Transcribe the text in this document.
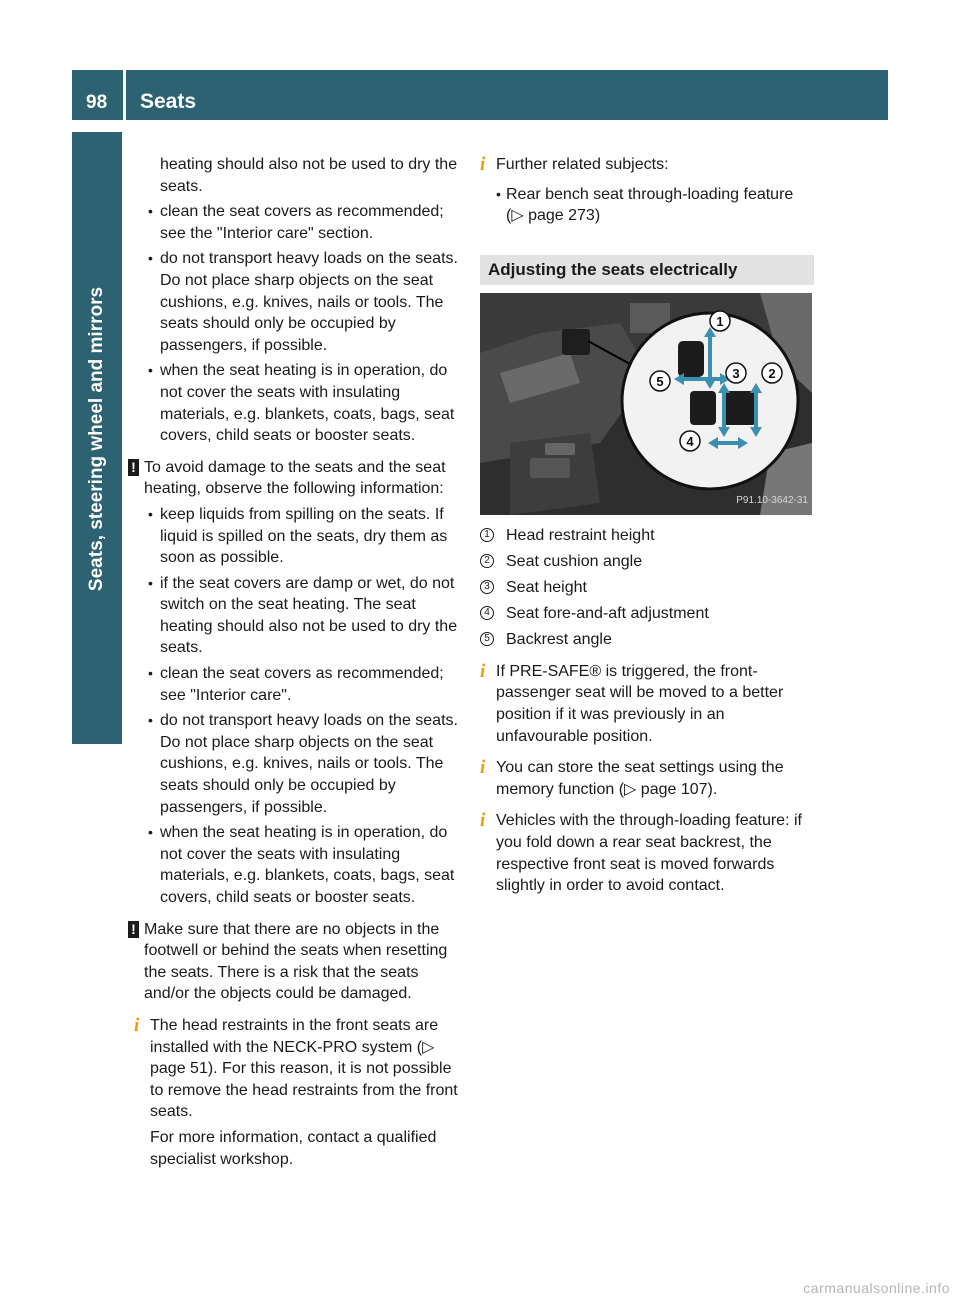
98 Seats
Seats, steering wheel and mirrors
heating should also not be used to dry the seats.
• clean the seat covers as recommended; see the "Interior care" section.
• do not transport heavy loads on the seats. Do not place sharp objects on the seat cushions, e.g. knives, nails or tools. The seats should only be occupied by passengers, if possible.
• when the seat heating is in operation, do not cover the seats with insulating materials, e.g. blankets, coats, bags, seat covers, child seats or booster seats.
! To avoid damage to the seats and the seat heating, observe the following information:
• keep liquids from spilling on the seats. If liquid is spilled on the seats, dry them as soon as possible.
• if the seat covers are damp or wet, do not switch on the seat heating. The seat heating should also not be used to dry the seats.
• clean the seat covers as recommended; see "Interior care".
• do not transport heavy loads on the seats. Do not place sharp objects on the seat cushions, e.g. knives, nails or tools. The seats should only be occupied by passengers, if possible.
• when the seat heating is in operation, do not cover the seats with insulating materials, e.g. blankets, coats, bags, seat covers, child seats or booster seats.
! Make sure that there are no objects in the footwell or behind the seats when resetting the seats. There is a risk that the seats and/or the objects could be damaged.
i The head restraints in the front seats are installed with the NECK-PRO system (▷ page 51). For this reason, it is not possible to remove the head restraints from the front seats.
For more information, contact a qualified specialist workshop.
i Further related subjects:
• Rear bench seat through-loading feature (▷ page 273)
Adjusting the seats electrically
1
2
3
4
5
P91.10-3642-31
1 Head restraint height
2 Seat cushion angle
3 Seat height
4 Seat fore-and-aft adjustment
5 Backrest angle
i If PRE-SAFE® is triggered, the front-passenger seat will be moved to a better position if it was previously in an unfavourable position.
i You can store the seat settings using the memory function (▷ page 107).
i Vehicles with the through-loading feature: if you fold down a rear seat backrest, the respective front seat is moved forwards slightly in order to avoid contact.
carmanualsonline.info
